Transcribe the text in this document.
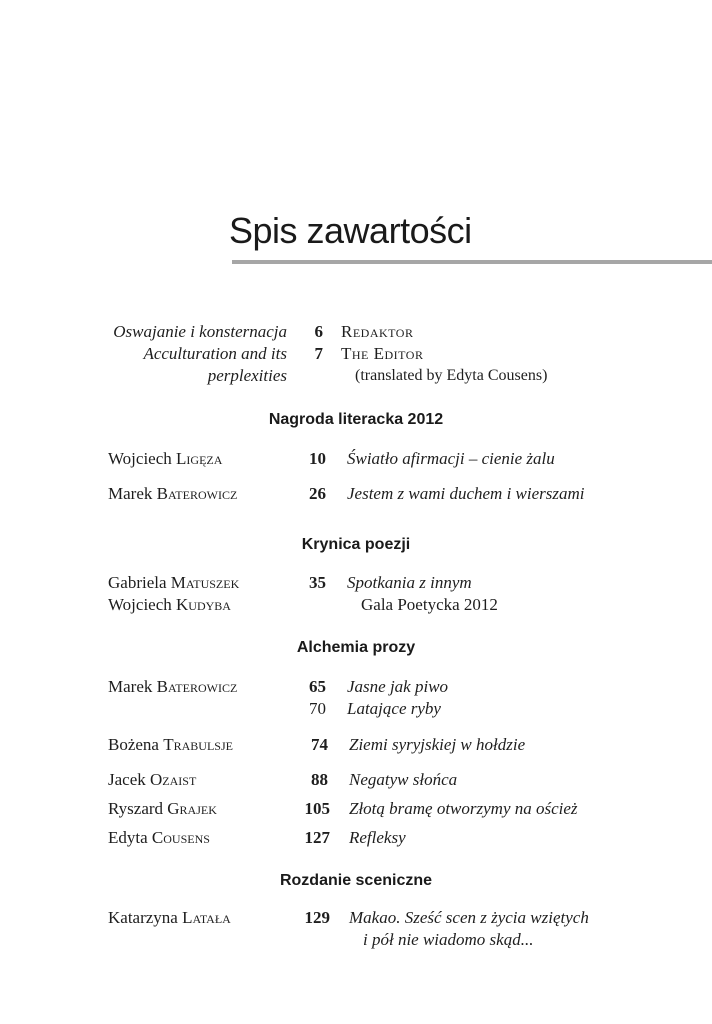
Spis zawartości
Oswajanie i konsternacja	6 Redaktor
Acculturation and its	7 The Editor
perplexities	(translated by Edyta Cousens)
Nagroda literacka 2012
Wojciech Ligęza	10 Światło afirmacji – cienie żalu
Marek Baterowicz	26 Jestem z wami duchem i wierszami
Krynica poezji
Gabriela Matuszek	35 Spotkania z innym
Wojciech Kudyba	Gala Poetycka 2012
Alchemia prozy
Marek Baterowicz	65 Jasne jak piwo
70 Latające ryby
Bożena Trabulsje	74 Ziemi syryjskiej w hołdzie
Jacek Ozaist	88 Negatyw słońca
Ryszard Grajek	105 Złotą bramę otworzymy na oścież
Edyta Cousens	127 Refleksy
Rozdanie sceniczne
Katarzyna Latała	129 Makao. Sześć scen z życia wziętych
i pół nie wiadomo skąd...
